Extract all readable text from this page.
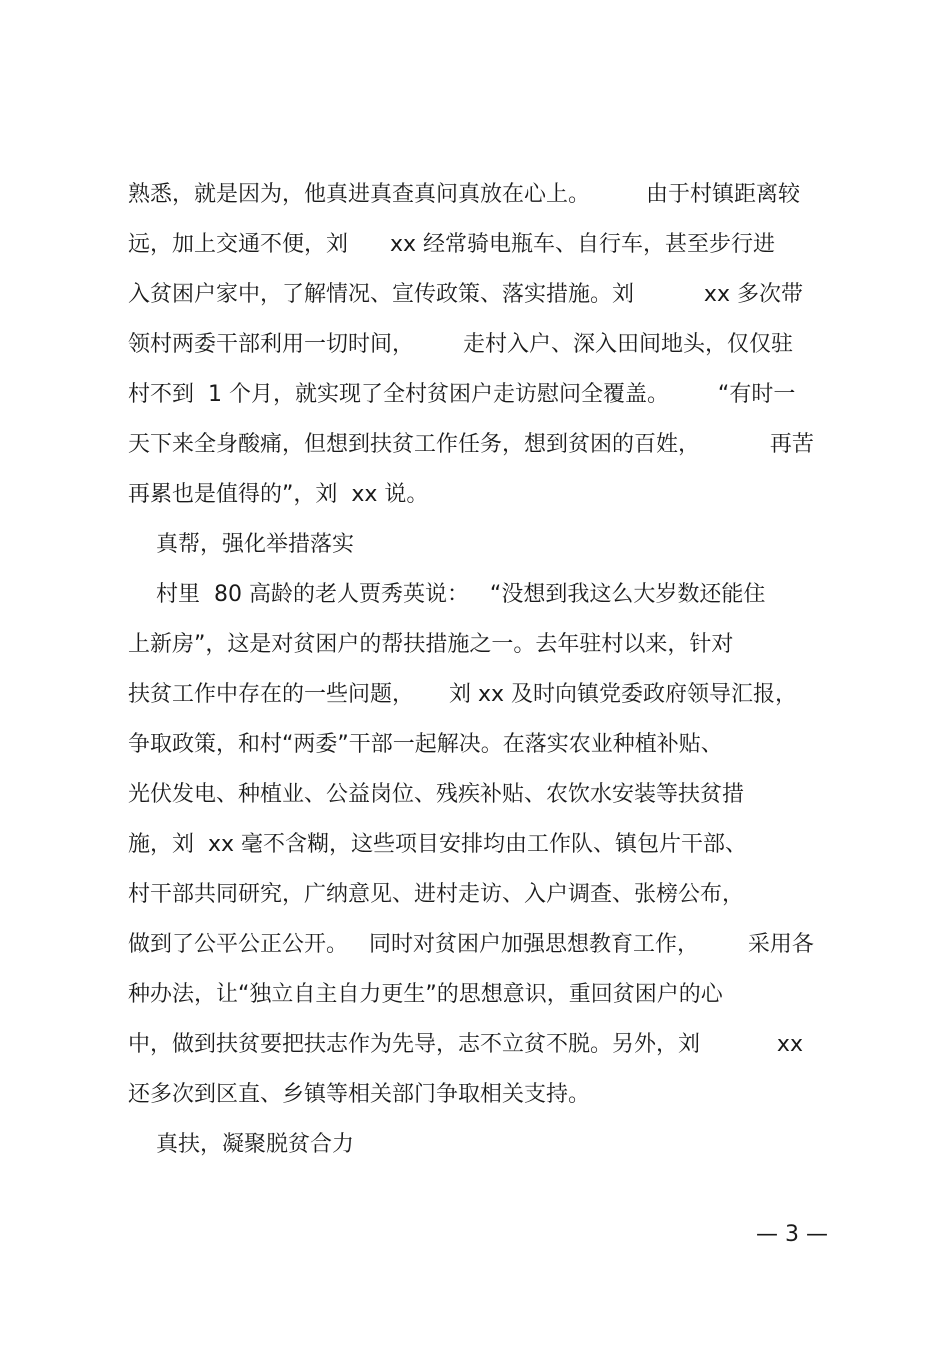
熟悉，就是因为，他真进真查真问真放在心上。        由于村镇距离较
远，加上交通不便，刘      xx 经常骑电瓶车、自行车，甚至步行进
入贫困户家中，了解情况、宣传政策、落实措施。刘          xx 多次带
领村两委干部利用一切时间，       走村入户、深入田间地头，仅仅驻
村不到  1 个月，就实现了全村贫困户走访慰问全覆盖。       “有时一
天下来全身酸痛，但想到扶贫工作任务，想到贫困的百姓，          再苦
再累也是值得的”，刘  xx 说。
真帮，强化举措落实
村里  80 高龄的老人贾秀英说：   “没想到我这么大岁数还能住
上新房”，这是对贫困户的帮扶措施之一。去年驻村以来，针对
扶贫工作中存在的一些问题，     刘 xx 及时向镇党委政府领导汇报，
争取政策，和村“两委”干部一起解决。在落实农业种植补贴、
光伏发电、种植业、公益岗位、残疾补贴、农饮水安装等扶贫措
施，刘  xx 毫不含糊，这些项目安排均由工作队、镇包片干部、
村干部共同研究，广纳意见、进村走访、入户调查、张榜公布，
做到了公平公正公开。   同时对贫困户加强思想教育工作，       采用各
种办法，让“独立自主自力更生”的思想意识，重回贫困户的心
中，做到扶贫要把扶志作为先导，志不立贫不脱。另外，刘           xx
还多次到区直、乡镇等相关部门争取相关支持。
真扶，凝聚脱贫合力
— 3 —
